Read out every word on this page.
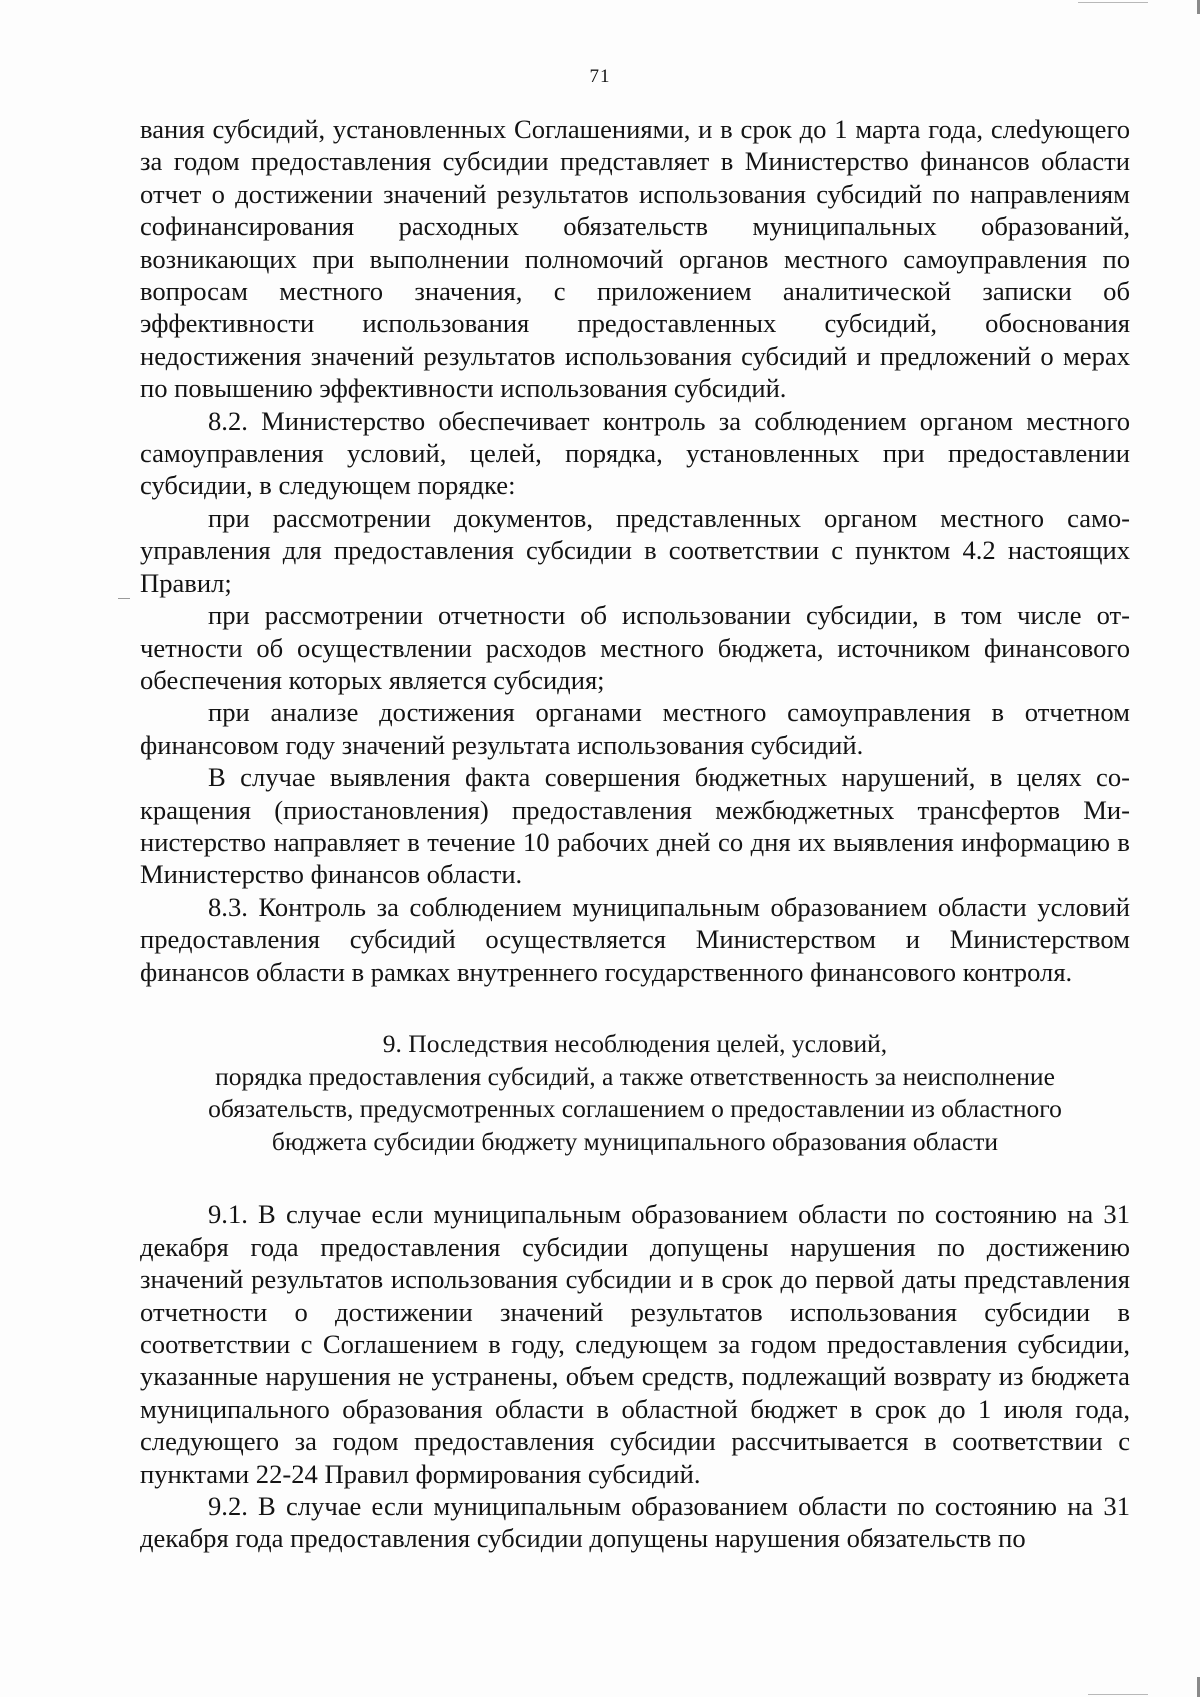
71

вания субсидий, установленных Соглашениями, и в срок до 1 марта года, слеdующего за годом предоставления субсидии представляет в Министерство финансов области отчет о достижении значений результатов использования субсидий по направлениям софинансирования расходных обязательств муниципальных образований, возникающих при выполнении полномочий органов местного самоуправления по вопросам местного значения, с приложением аналитической записки об эффективности использования предоставленных субсидий, обоснования недостижения значений результатов использования субсидий и предложений о мерах по повышению эффективности использования субсидий.

8.2. Министерство обеспечивает контроль за соблюдением органом местного самоуправления условий, целей, порядка, установленных при предоставлении субсидии, в следующем порядке:

при рассмотрении документов, представленных органом местного самоуправления для предоставления субсидии в соответствии с пунктом 4.2 настоящих Правил;

при рассмотрении отчетности об использовании субсидии, в том числе отчетности об осуществлении расходов местного бюджета, источником финансового обеспечения которых является субсидия;

при анализе достижения органами местного самоуправления в отчетном финансовом году значений результата использования субсидий.

В случае выявления факта совершения бюджетных нарушений, в целях сокращения (приостановления) предоставления межбюджетных трансфертов Министерство направляет в течение 10 рабочих дней со дня их выявления информацию в Министерство финансов области.

8.3. Контроль за соблюдением муниципальным образованием области условий предоставления субсидий осуществляется Министерством и Министерством финансов области в рамках внутреннего государственного финансового контроля.

9. Последствия несоблюдения целей, условий,
порядка предоставления субсидий, а также ответственность за неисполнение
обязательств, предусмотренных соглашением о предоставлении из областного
бюджета субсидии бюджету муниципального образования области

9.1. В случае если муниципальным образованием области по состоянию на 31 декабря года предоставления субсидии допущены нарушения по достижению значений результатов использования субсидии и в срок до первой даты представления отчетности о достижении значений результатов использования субсидии в соответствии с Соглашением в году, следующем за годом предоставления субсидии, указанные нарушения не устранены, объем средств, подлежащий возврату из бюджета муниципального образования области в областной бюджет в срок до 1 июля года, следующего за годом предоставления субсидии рассчитывается в соответствии с пунктами 22-24 Правил формирования субсидий.

9.2. В случае если муниципальным образованием области по состоянию на 31 декабря года предоставления субсидии допущены нарушения обязательств по
